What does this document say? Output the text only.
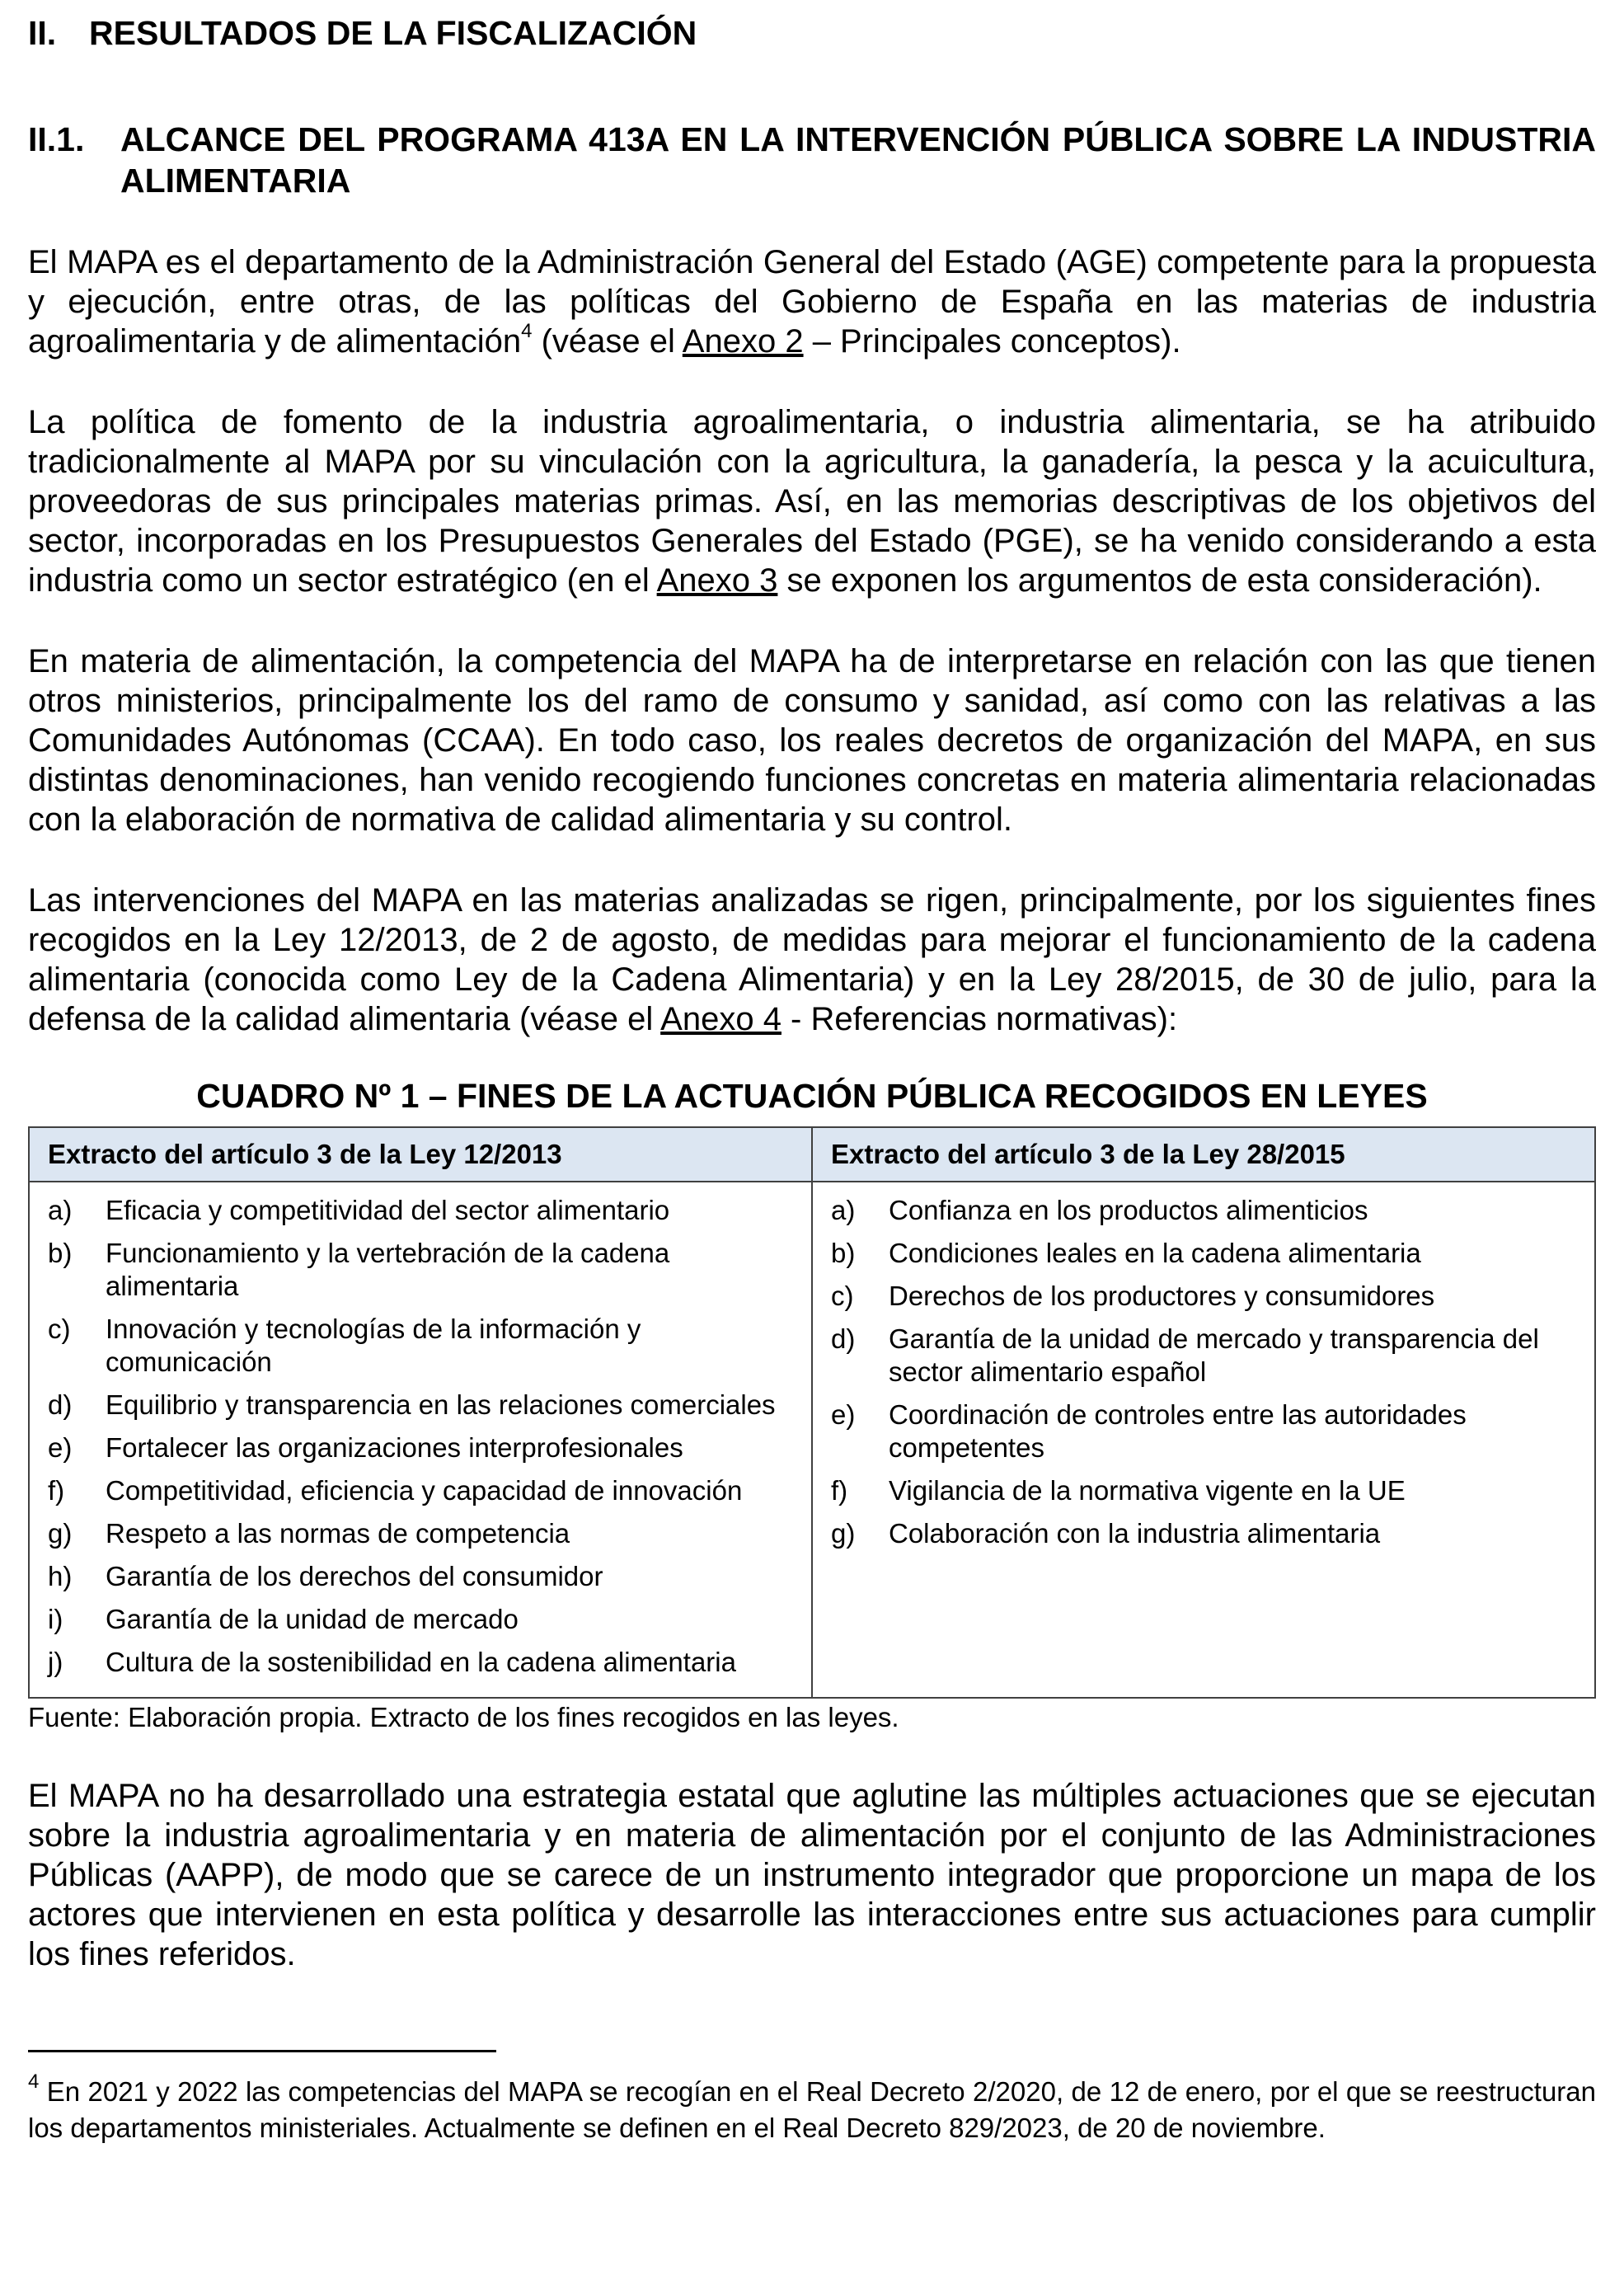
II. RESULTADOS DE LA FISCALIZACIÓN
II.1.	ALCANCE DEL PROGRAMA 413A EN LA INTERVENCIÓN PÚBLICA SOBRE LA INDUSTRIA ALIMENTARIA

El MAPA es el departamento de la Administración General del Estado (AGE) competente para la propuesta y ejecución, entre otras, de las políticas del Gobierno de España en las materias de industria agroalimentaria y de alimentación$^4$ (véase el Anexo 2 – Principales conceptos).

La política de fomento de la industria agroalimentaria, o industria alimentaria, se ha atribuido tradicionalmente al MAPA por su vinculación con la agricultura, la ganadería, la pesca y la acuicultura, proveedoras de sus principales materias primas. Así, en las memorias descriptivas de los objetivos del sector, incorporadas en los Presupuestos Generales del Estado (PGE), se ha venido considerando a esta industria como un sector estratégico (en el Anexo 3 se exponen los argumentos de esta consideración).

En materia de alimentación, la competencia del MAPA ha de interpretarse en relación con las que tienen otros ministerios, principalmente los del ramo de consumo y sanidad, así como con las relativas a las Comunidades Autónomas (CCAA). En todo caso, los reales decretos de organización del MAPA, en sus distintas denominaciones, han venido recogiendo funciones concretas en materia alimentaria relacionadas con la elaboración de normativa de calidad alimentaria y su control.

Las intervenciones del MAPA en las materias analizadas se rigen, principalmente, por los siguientes fines recogidos en la Ley 12/2013, de 2 de agosto, de medidas para mejorar el funcionamiento de la cadena alimentaria (conocida como Ley de la Cadena Alimentaria) y en la Ley 28/2015, de 30 de julio, para la defensa de la calidad alimentaria (véase el Anexo 4 - Referencias normativas):

CUADRO Nº 1 – FINES DE LA ACTUACIÓN PÚBLICA RECOGIDOS EN LEYES
Extracto del artículo 3 de la Ley 12/2013	Extracto del artículo 3 de la Ley 28/2015

a)	Eficacia y competitividad del sector alimentario
b)	Funcionamiento y la vertebración de la cadena alimentaria
c)	Innovación y tecnologías de la información y comunicación
d)	Equilibrio y transparencia en las relaciones comerciales
e)	Fortalecer las organizaciones interprofesionales
f)	Competitividad, eficiencia y capacidad de innovación
g)	Respeto a las normas de competencia
h)	Garantía de los derechos del consumidor
i)	Garantía de la unidad de mercado
j)	Cultura de la sostenibilidad en la cadena alimentaria

a)	Confianza en los productos alimenticios
b)	Condiciones leales en la cadena alimentaria
c)	Derechos de los productores y consumidores
d)	Garantía de la unidad de mercado y transparencia del sector alimentario español
e)	Coordinación de controles entre las autoridades competentes
f)	Vigilancia de la normativa vigente en la UE
g)	Colaboración con la industria alimentaria
Fuente: Elaboración propia. Extracto de los fines recogidos en las leyes.

El MAPA no ha desarrollado una estrategia estatal que aglutine las múltiples actuaciones que se ejecutan sobre la industria agroalimentaria y en materia de alimentación por el conjunto de las Administraciones Públicas (AAPP), de modo que se carece de un instrumento integrador que proporcione un mapa de los actores que intervienen en esta política y desarrolle las interacciones entre sus actuaciones para cumplir los fines referidos.

$^4$ En 2021 y 2022 las competencias del MAPA se recogían en el Real Decreto 2/2020, de 12 de enero, por el que se reestructuran los departamentos ministeriales. Actualmente se definen en el Real Decreto 829/2023, de 20 de noviembre.
